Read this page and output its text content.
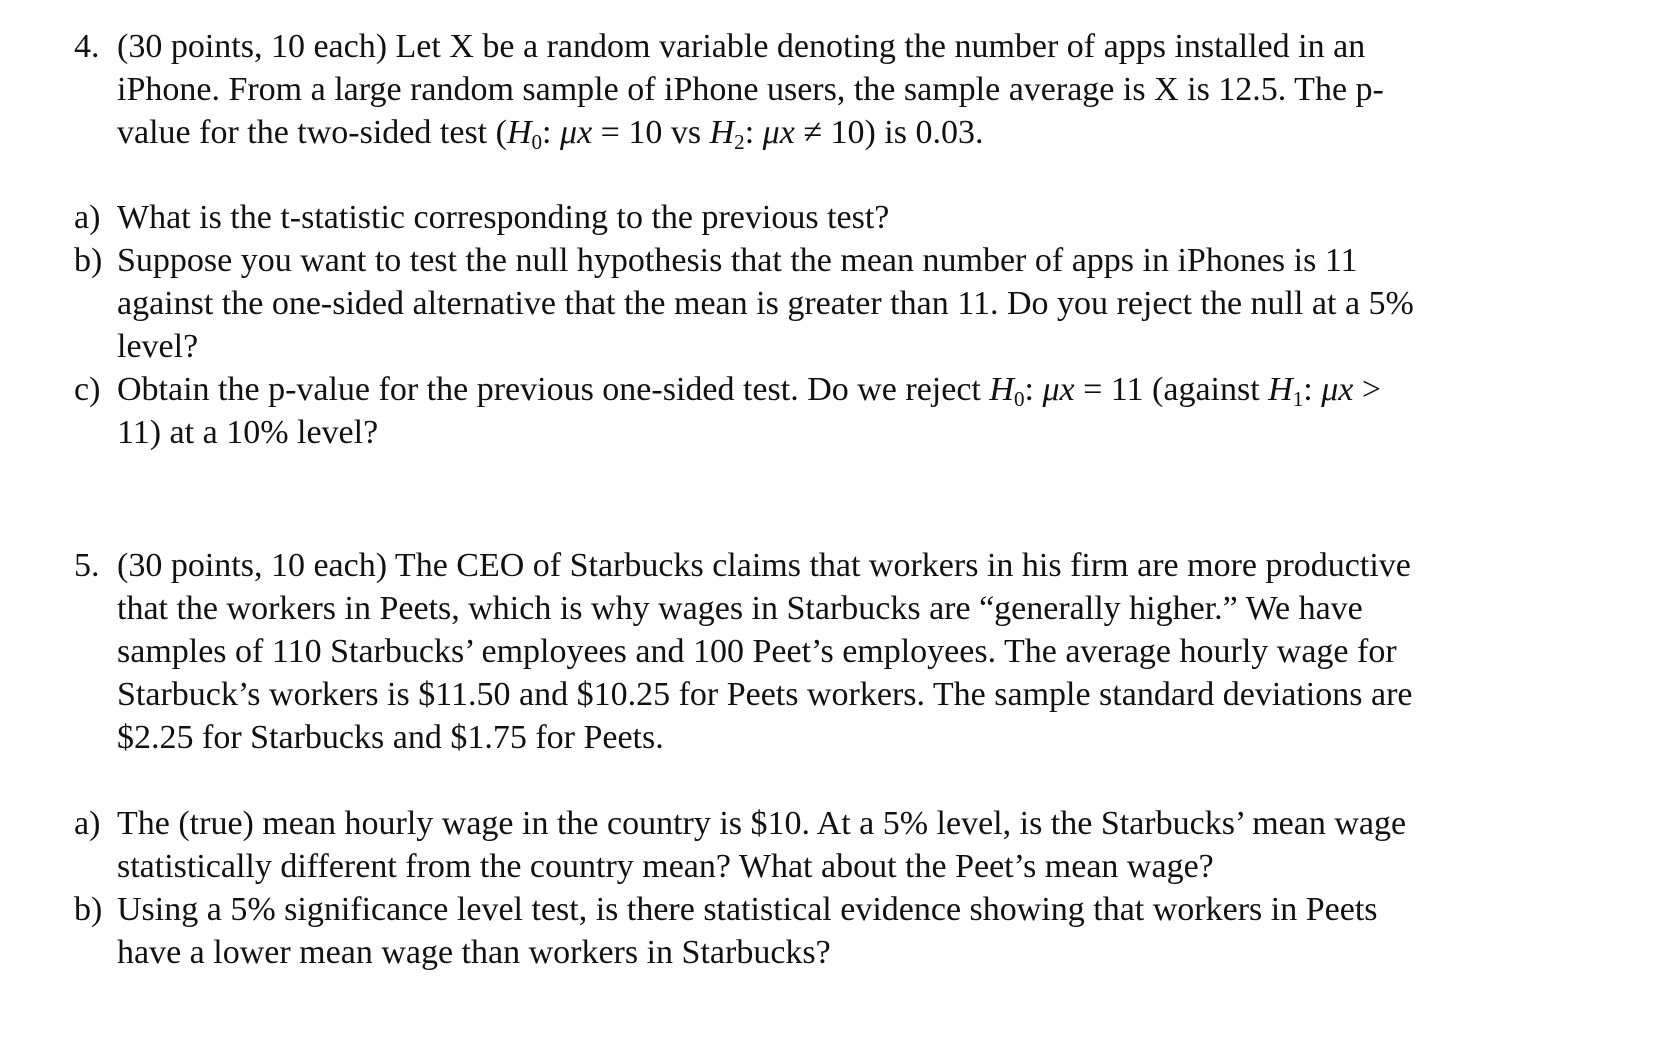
4. (30 points, 10 each) Let X be a random variable denoting the number of apps installed in an
iPhone. From a large random sample of iPhone users, the sample average is X is 12.5. The p-
value for the two-sided test ($H_0$: μx = 10 vs $H_2$: μx ≠ 10) is 0.03.
a) What is the t-statistic corresponding to the previous test?
b) Suppose you want to test the null hypothesis that the mean number of apps in iPhones is 11
against the one-sided alternative that the mean is greater than 11. Do you reject the null at a 5%
level?
c) Obtain the p-value for the previous one-sided test. Do we reject $H_0$: μx = 11 (against $H_1$: μx >
11) at a 10% level?
5. (30 points, 10 each) The CEO of Starbucks claims that workers in his firm are more productive
that the workers in Peets, which is why wages in Starbucks are “generally higher.” We have
samples of 110 Starbucks’ employees and 100 Peet’s employees. The average hourly wage for
Starbuck’s workers is $11.50 and $10.25 for Peets workers. The sample standard deviations are
$2.25 for Starbucks and $1.75 for Peets.
a) The (true) mean hourly wage in the country is $10. At a 5% level, is the Starbucks’ mean wage
statistically different from the country mean? What about the Peet’s mean wage?
b) Using a 5% significance level test, is there statistical evidence showing that workers in Peets
have a lower mean wage than workers in Starbucks?
